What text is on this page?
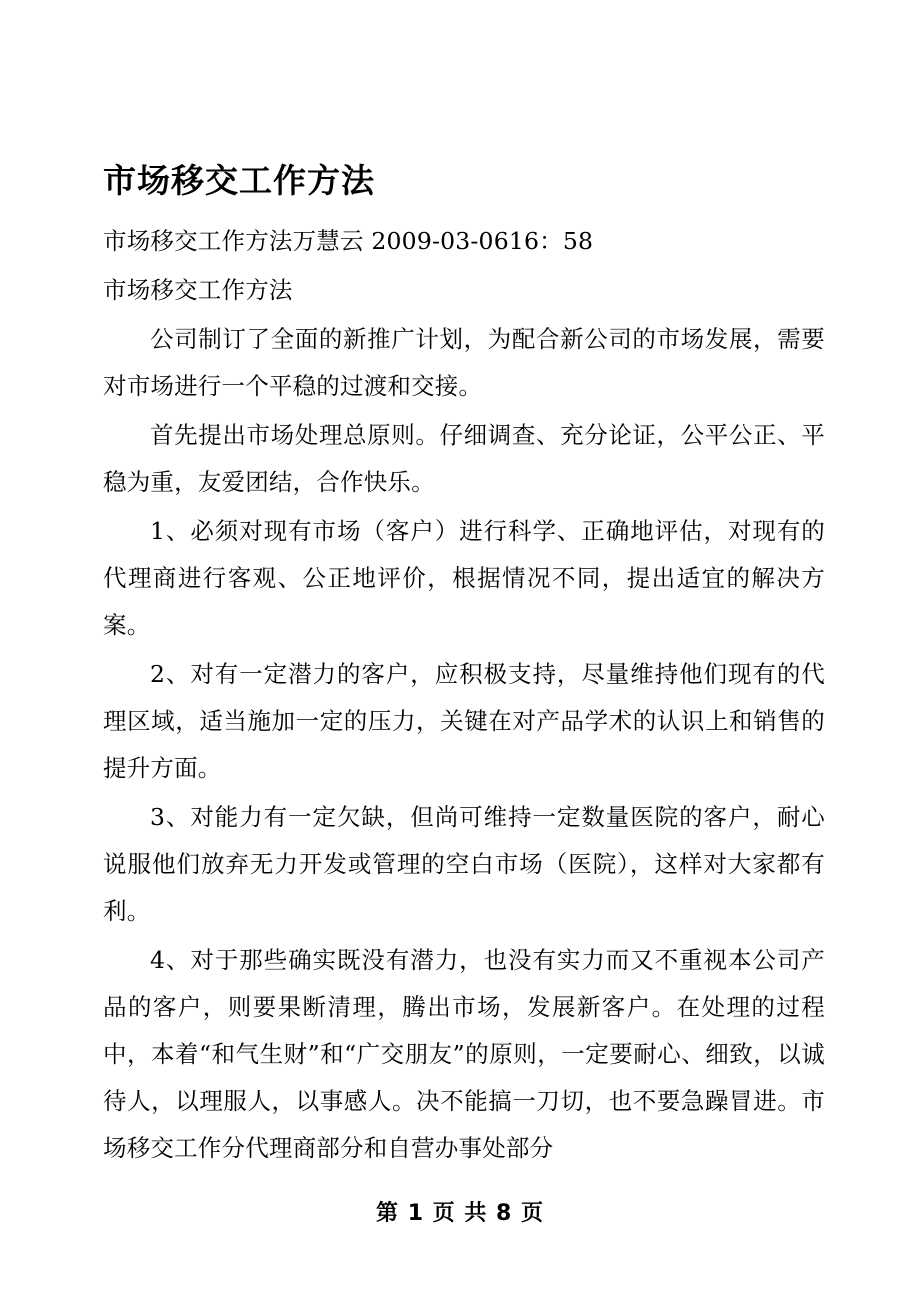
市场移交工作方法

市场移交工作方法万慧云 2009-03-0616：58

市场移交工作方法

公司制订了全面的新推广计划，为配合新公司的市场发展，需要对市场进行一个平稳的过渡和交接。

首先提出市场处理总原则。仔细调查、充分论证，公平公正、平稳为重，友爱团结，合作快乐。

1、必须对现有市场（客户）进行科学、正确地评估，对现有的代理商进行客观、公正地评价，根据情况不同，提出适宜的解决方案。

2、对有一定潜力的客户，应积极支持，尽量维持他们现有的代理区域，适当施加一定的压力，关键在对产品学术的认识上和销售的提升方面。

3、对能力有一定欠缺，但尚可维持一定数量医院的客户，耐心说服他们放弃无力开发或管理的空白市场（医院），这样对大家都有利。

4、对于那些确实既没有潜力，也没有实力而又不重视本公司产品的客户，则要果断清理，腾出市场，发展新客户。在处理的过程中，本着“和气生财”和“广交朋友”的原则，一定要耐心、细致，以诚待人，以理服人，以事感人。决不能搞一刀切，也不要急躁冒进。市场移交工作分代理商部分和自营办事处部分

第 1 页 共 8 页
